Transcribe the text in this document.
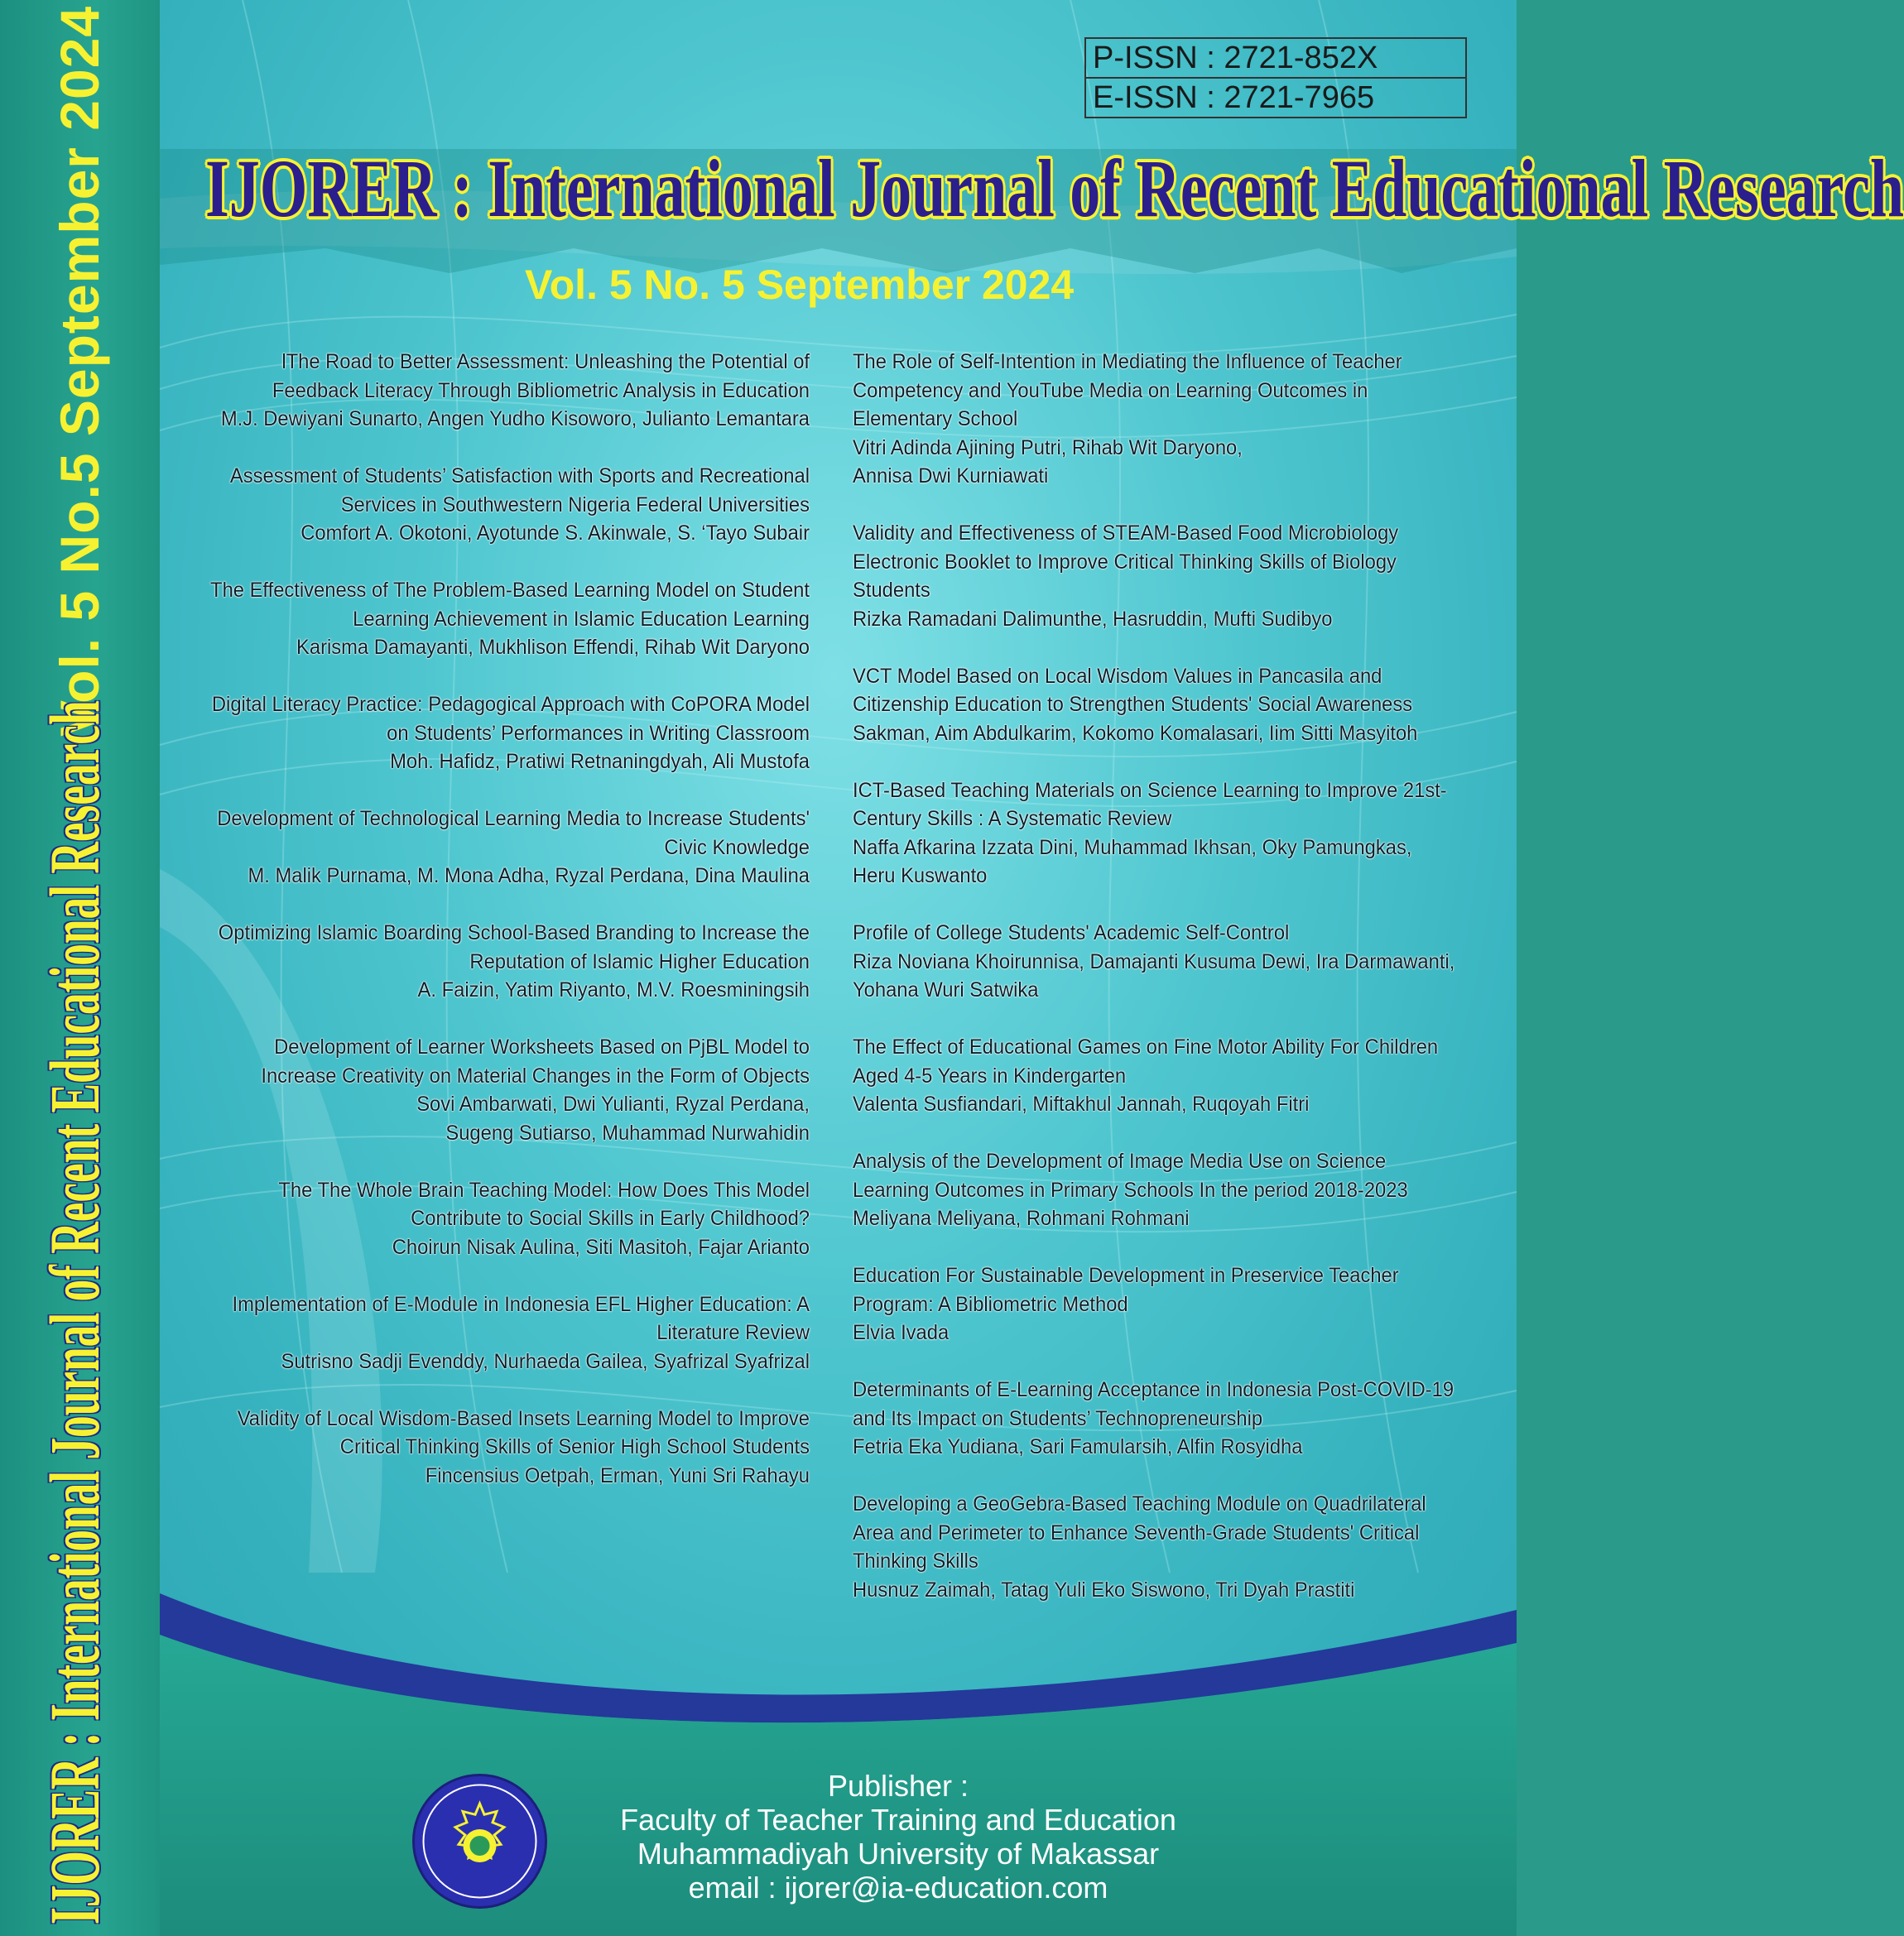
Vol. 5 No.5 September 2024
IJORER : International Journal of Recent Educational Research
P-ISSN : 2721-852X
E-ISSN : 2721-7965
IJORER : International Journal of Recent Educational Research
Vol. 5 No. 5 September 2024
lThe Road to Better Assessment: Unleashing the Potential of
Feedback Literacy Through Bibliometric Analysis in Education
M.J. Dewiyani Sunarto, Angen Yudho Kisoworo, Julianto Lemantara
Assessment of Students’ Satisfaction with Sports and Recreational
Services in Southwestern Nigeria Federal Universities
Comfort A. Okotoni, Ayotunde S. Akinwale, S. ‘Tayo Subair
The Effectiveness of The Problem-Based Learning Model on Student
Learning Achievement in Islamic Education Learning
Karisma Damayanti, Mukhlison Effendi, Rihab Wit Daryono
Digital Literacy Practice: Pedagogical Approach with CoPORA Model
on Students’ Performances in Writing Classroom
Moh. Hafidz, Pratiwi Retnaningdyah, Ali Mustofa
Development of Technological Learning Media to Increase Students'
Civic Knowledge
M. Malik Purnama, M. Mona Adha, Ryzal Perdana, Dina Maulina
Optimizing Islamic Boarding School-Based Branding to Increase the
Reputation of Islamic Higher Education
A. Faizin, Yatim Riyanto, M.V. Roesminingsih
Development of Learner Worksheets Based on PjBL Model to
Increase Creativity on Material Changes in the Form of Objects
Sovi Ambarwati, Dwi Yulianti, Ryzal Perdana,
Sugeng Sutiarso, Muhammad Nurwahidin
The The Whole Brain Teaching Model: How Does This Model
Contribute to Social Skills in Early Childhood?
Choirun Nisak Aulina, Siti Masitoh, Fajar Arianto
Implementation of E-Module in Indonesia EFL Higher Education: A
Literature Review
Sutrisno Sadji Evenddy, Nurhaeda Gailea, Syafrizal Syafrizal
Validity of Local Wisdom-Based Insets Learning Model to Improve
Critical Thinking Skills of Senior High School Students
Fincensius Oetpah, Erman, Yuni Sri Rahayu
The Role of Self-Intention in Mediating the Influence of Teacher
Competency and YouTube Media on Learning Outcomes in
Elementary School
Vitri Adinda Ajining Putri, Rihab Wit Daryono,
Annisa Dwi Kurniawati
Validity and Effectiveness of STEAM-Based Food Microbiology
Electronic Booklet to Improve Critical Thinking Skills of Biology
Students
Rizka Ramadani Dalimunthe, Hasruddin, Mufti Sudibyo
VCT Model Based on Local Wisdom Values in Pancasila and
Citizenship Education to Strengthen Students' Social Awareness
Sakman, Aim Abdulkarim, Kokomo Komalasari, Iim Sitti Masyitoh
ICT-Based Teaching Materials on Science Learning to Improve 21st-
Century Skills : A Systematic Review
Naffa Afkarina Izzata Dini, Muhammad Ikhsan, Oky Pamungkas,
Heru Kuswanto
Profile of College Students' Academic Self-Control
Riza Noviana Khoirunnisa, Damajanti Kusuma Dewi, Ira Darmawanti,
Yohana Wuri Satwika
The Effect of Educational Games on Fine Motor Ability For Children
Aged 4-5 Years in Kindergarten
Valenta Susfiandari, Miftakhul Jannah, Ruqoyah Fitri
Analysis of the Development of Image Media Use on Science
Learning Outcomes in Primary Schools In the period 2018-2023
Meliyana Meliyana, Rohmani Rohmani
Education For Sustainable Development in Preservice Teacher
Program: A Bibliometric Method
Elvia Ivada
Determinants of E-Learning Acceptance in Indonesia Post-COVID-19
and Its Impact on Students’ Technopreneurship
Fetria Eka Yudiana, Sari Famularsih, Alfin Rosyidha
Developing a GeoGebra-Based Teaching Module on Quadrilateral
Area and Perimeter to Enhance Seventh-Grade Students' Critical
Thinking Skills
Husnuz Zaimah, Tatag Yuli Eko Siswono, Tri Dyah Prastiti
Publisher :
Faculty of Teacher Training and Education
Muhammadiyah University of Makassar
email : ijorer@ia-education.com
